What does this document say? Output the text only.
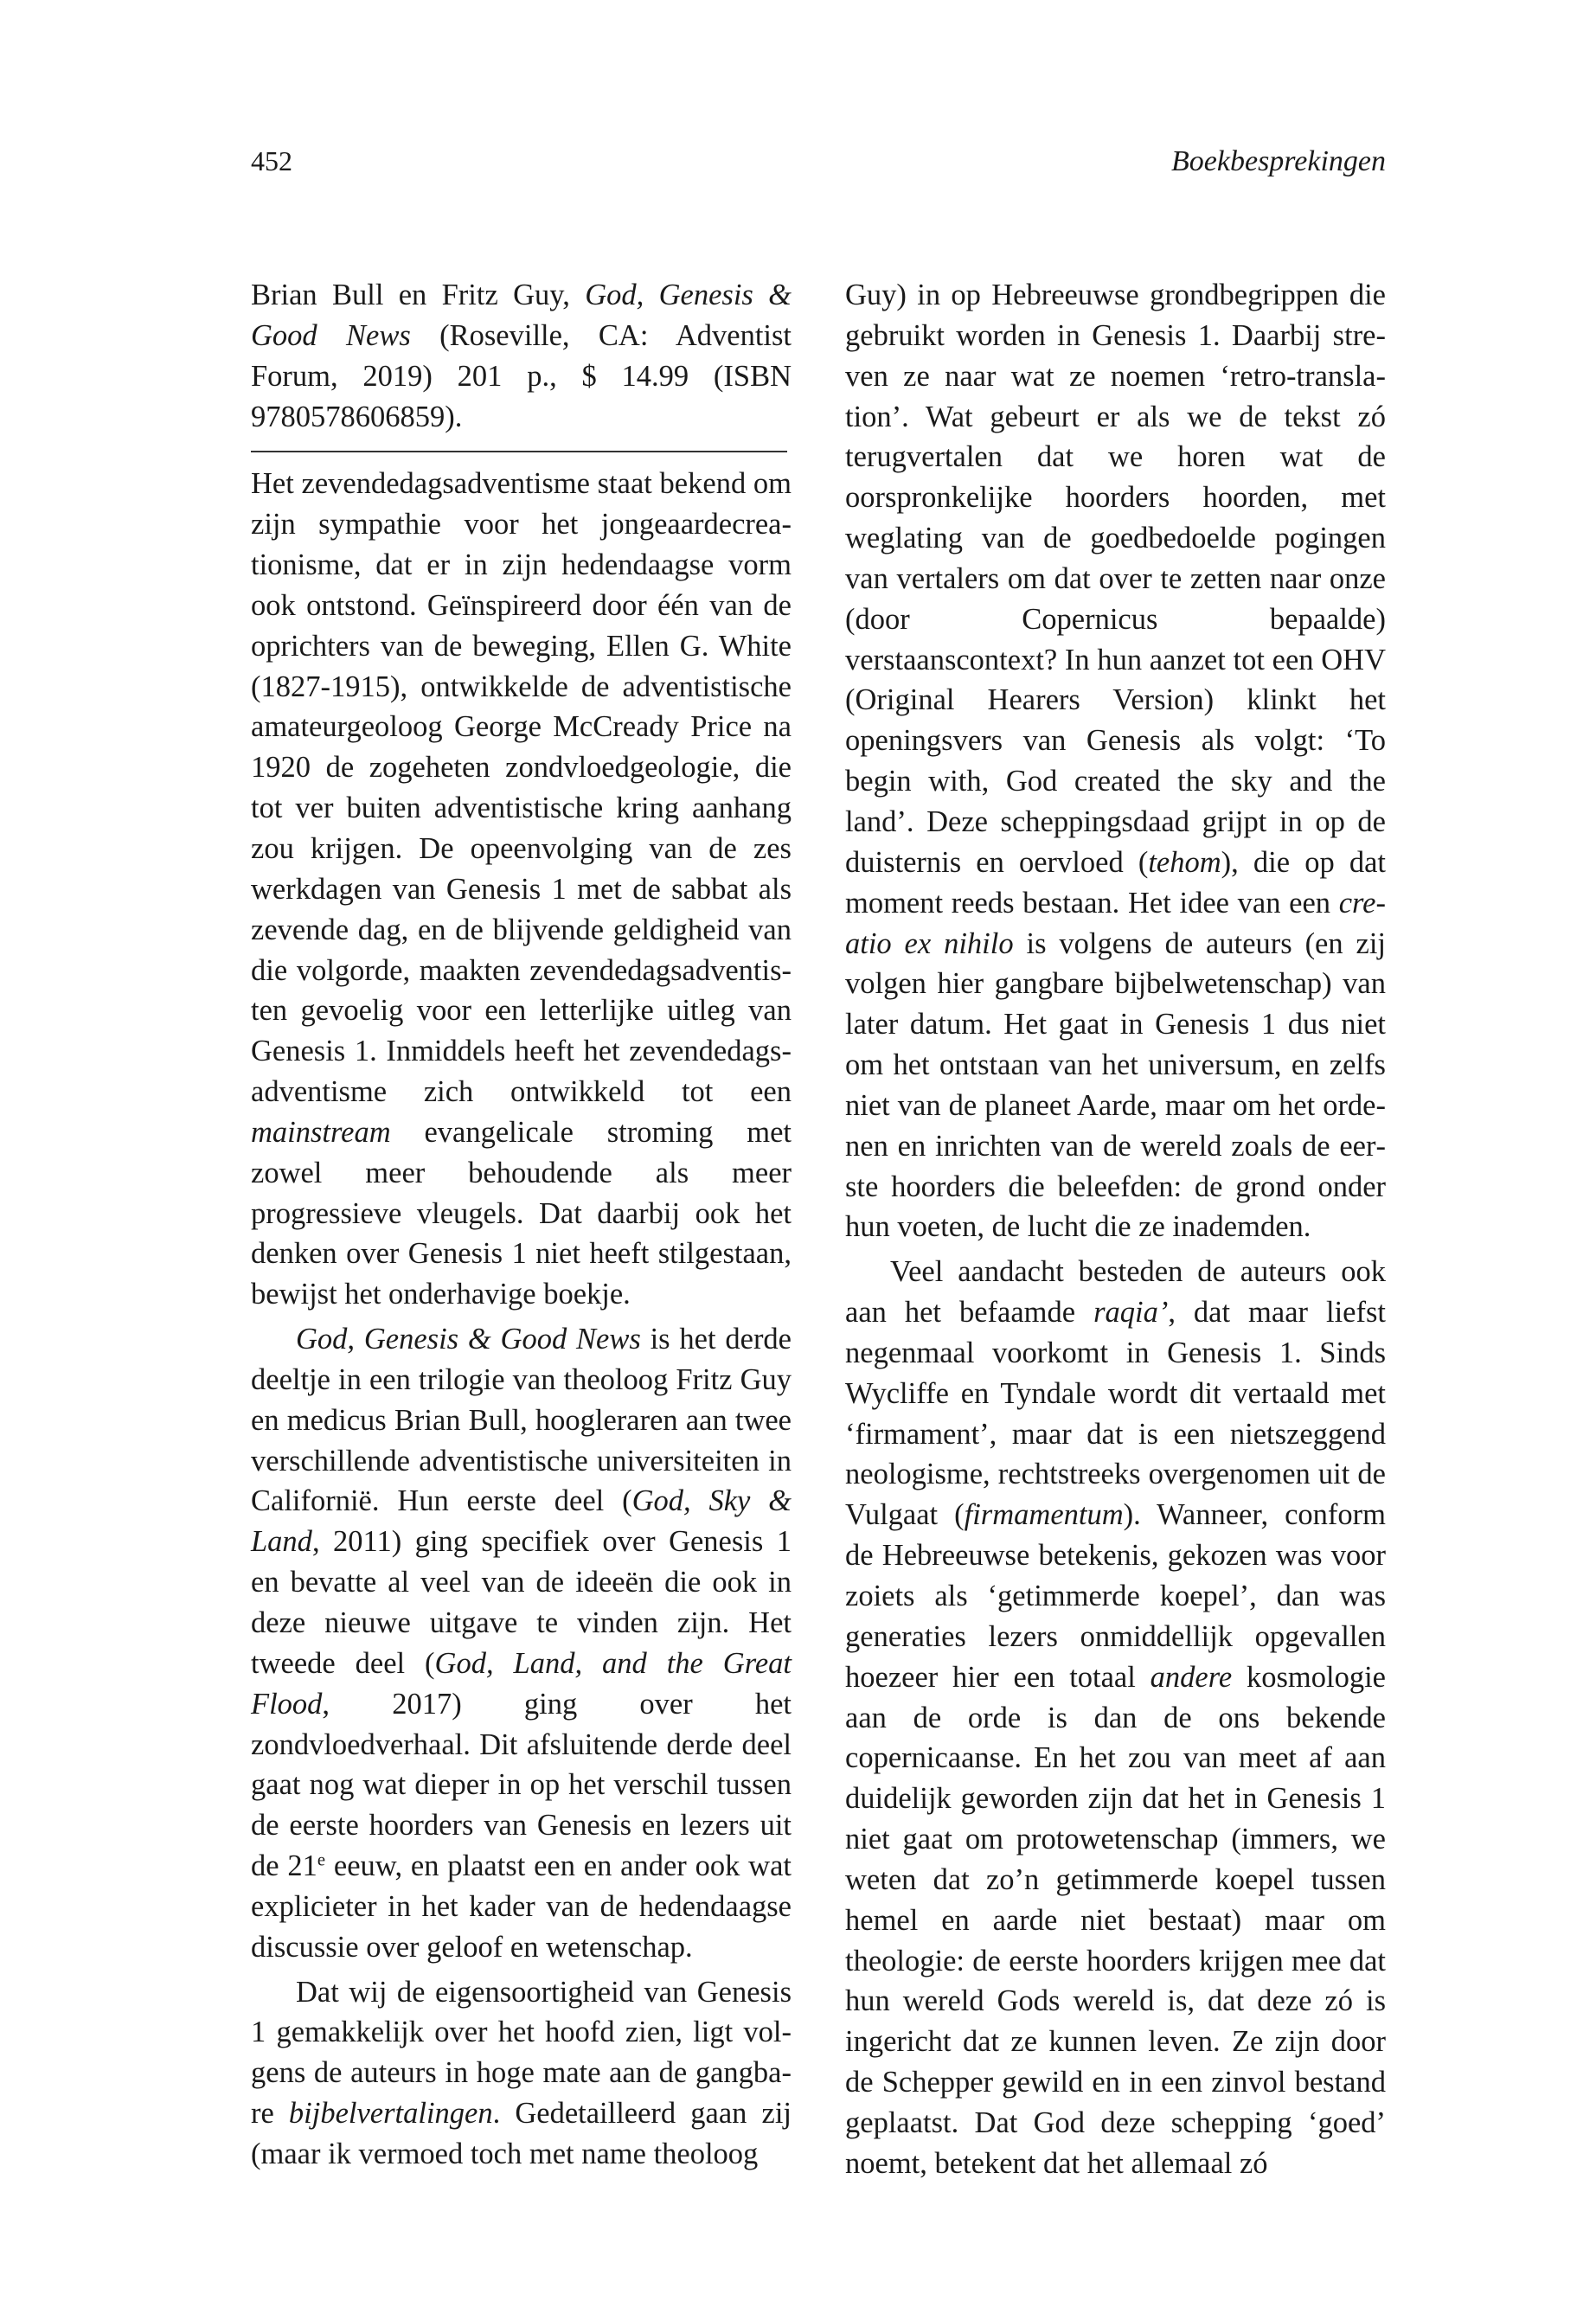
452	Boekbesprekingen

Brian Bull en Fritz Guy, God, Genesis & Good News (Roseville, CA: Adventist Forum, 2019) 201 p., $ 14.99 (ISBN 9780578606859).

Het zevendedagsadventisme staat bekend om zijn sympathie voor het jongeaardecreationisme, dat er in zijn hedendaagse vorm ook ontstond. Geïnspireerd door één van de oprichters van de beweging, Ellen G. White (1827-1915), ontwikkelde de adventistische amateurgeoloog George McCready Price na 1920 de zogeheten zondvloedgeologie, die tot ver buiten adventistische kring aanhang zou krijgen. De opeenvolging van de zes werkdagen van Genesis 1 met de sabbat als zevende dag, en de blijvende geldigheid van die volgorde, maakten zevendedagsadventisten gevoelig voor een letterlijke uitleg van Genesis 1. Inmiddels heeft het zevendedagsadventisme zich ontwikkeld tot een mainstream evangelicale stroming met zowel meer behoudende als meer progressieve vleugels. Dat daarbij ook het denken over Genesis 1 niet heeft stilgestaan, bewijst het onderhavige boekje.

God, Genesis & Good News is het derde deeltje in een trilogie van theoloog Fritz Guy en medicus Brian Bull, hoogleraren aan twee verschillende adventistische universiteiten in Californië. Hun eerste deel (God, Sky & Land, 2011) ging specifiek over Genesis 1 en bevatte al veel van de ideeën die ook in deze nieuwe uitgave te vinden zijn. Het tweede deel (God, Land, and the Great Flood, 2017) ging over het zondvloedverhaal. Dit afsluitende derde deel gaat nog wat dieper in op het verschil tussen de eerste hoorders van Genesis en lezers uit de 21e eeuw, en plaatst een en ander ook wat explicieter in het kader van de hedendaagse discussie over geloof en wetenschap.

Dat wij de eigensoortigheid van Genesis 1 gemakkelijk over het hoofd zien, ligt volgens de auteurs in hoge mate aan de gangbare bijbelvertalingen. Gedetailleerd gaan zij (maar ik vermoed toch met name theoloog

Guy) in op Hebreeuwse grondbegrippen die gebruikt worden in Genesis 1. Daarbij streven ze naar wat ze noemen ‘retro-translation’. Wat gebeurt er als we de tekst zó terugvertalen dat we horen wat de oorspronkelijke hoorders hoorden, met weglating van de goedbedoelde pogingen van vertalers om dat over te zetten naar onze (door Copernicus bepaalde) verstaanscontext? In hun aanzet tot een OHV (Original Hearers Version) klinkt het openingsvers van Genesis als volgt: ‘To begin with, God created the sky and the land’. Deze scheppingsdaad grijpt in op de duisternis en oervloed (tehom), die op dat moment reeds bestaan. Het idee van een creatio ex nihilo is volgens de auteurs (en zij volgen hier gangbare bijbelwetenschap) van later datum. Het gaat in Genesis 1 dus niet om het ontstaan van het universum, en zelfs niet van de planeet Aarde, maar om het ordenen en inrichten van de wereld zoals de eerste hoorders die beleefden: de grond onder hun voeten, de lucht die ze inademden.

Veel aandacht besteden de auteurs ook aan het befaamde raqia’, dat maar liefst negenmaal voorkomt in Genesis 1. Sinds Wycliffe en Tyndale wordt dit vertaald met ‘firmament’, maar dat is een nietszeggend neologisme, rechtstreeks overgenomen uit de Vulgaat (firmamentum). Wanneer, conform de Hebreeuwse betekenis, gekozen was voor zoiets als ‘getimmerde koepel’, dan was generaties lezers onmiddellijk opgevallen hoezeer hier een totaal andere kosmologie aan de orde is dan de ons bekende copernicaanse. En het zou van meet af aan duidelijk geworden zijn dat het in Genesis 1 niet gaat om protowetenschap (immers, we weten dat zo’n getimmerde koepel tussen hemel en aarde niet bestaat) maar om theologie: de eerste hoorders krijgen mee dat hun wereld Gods wereld is, dat deze zó is ingericht dat ze kunnen leven. Ze zijn door de Schepper gewild en in een zinvol bestand geplaatst. Dat God deze schepping ‘goed’ noemt, betekent dat het allemaal zó
